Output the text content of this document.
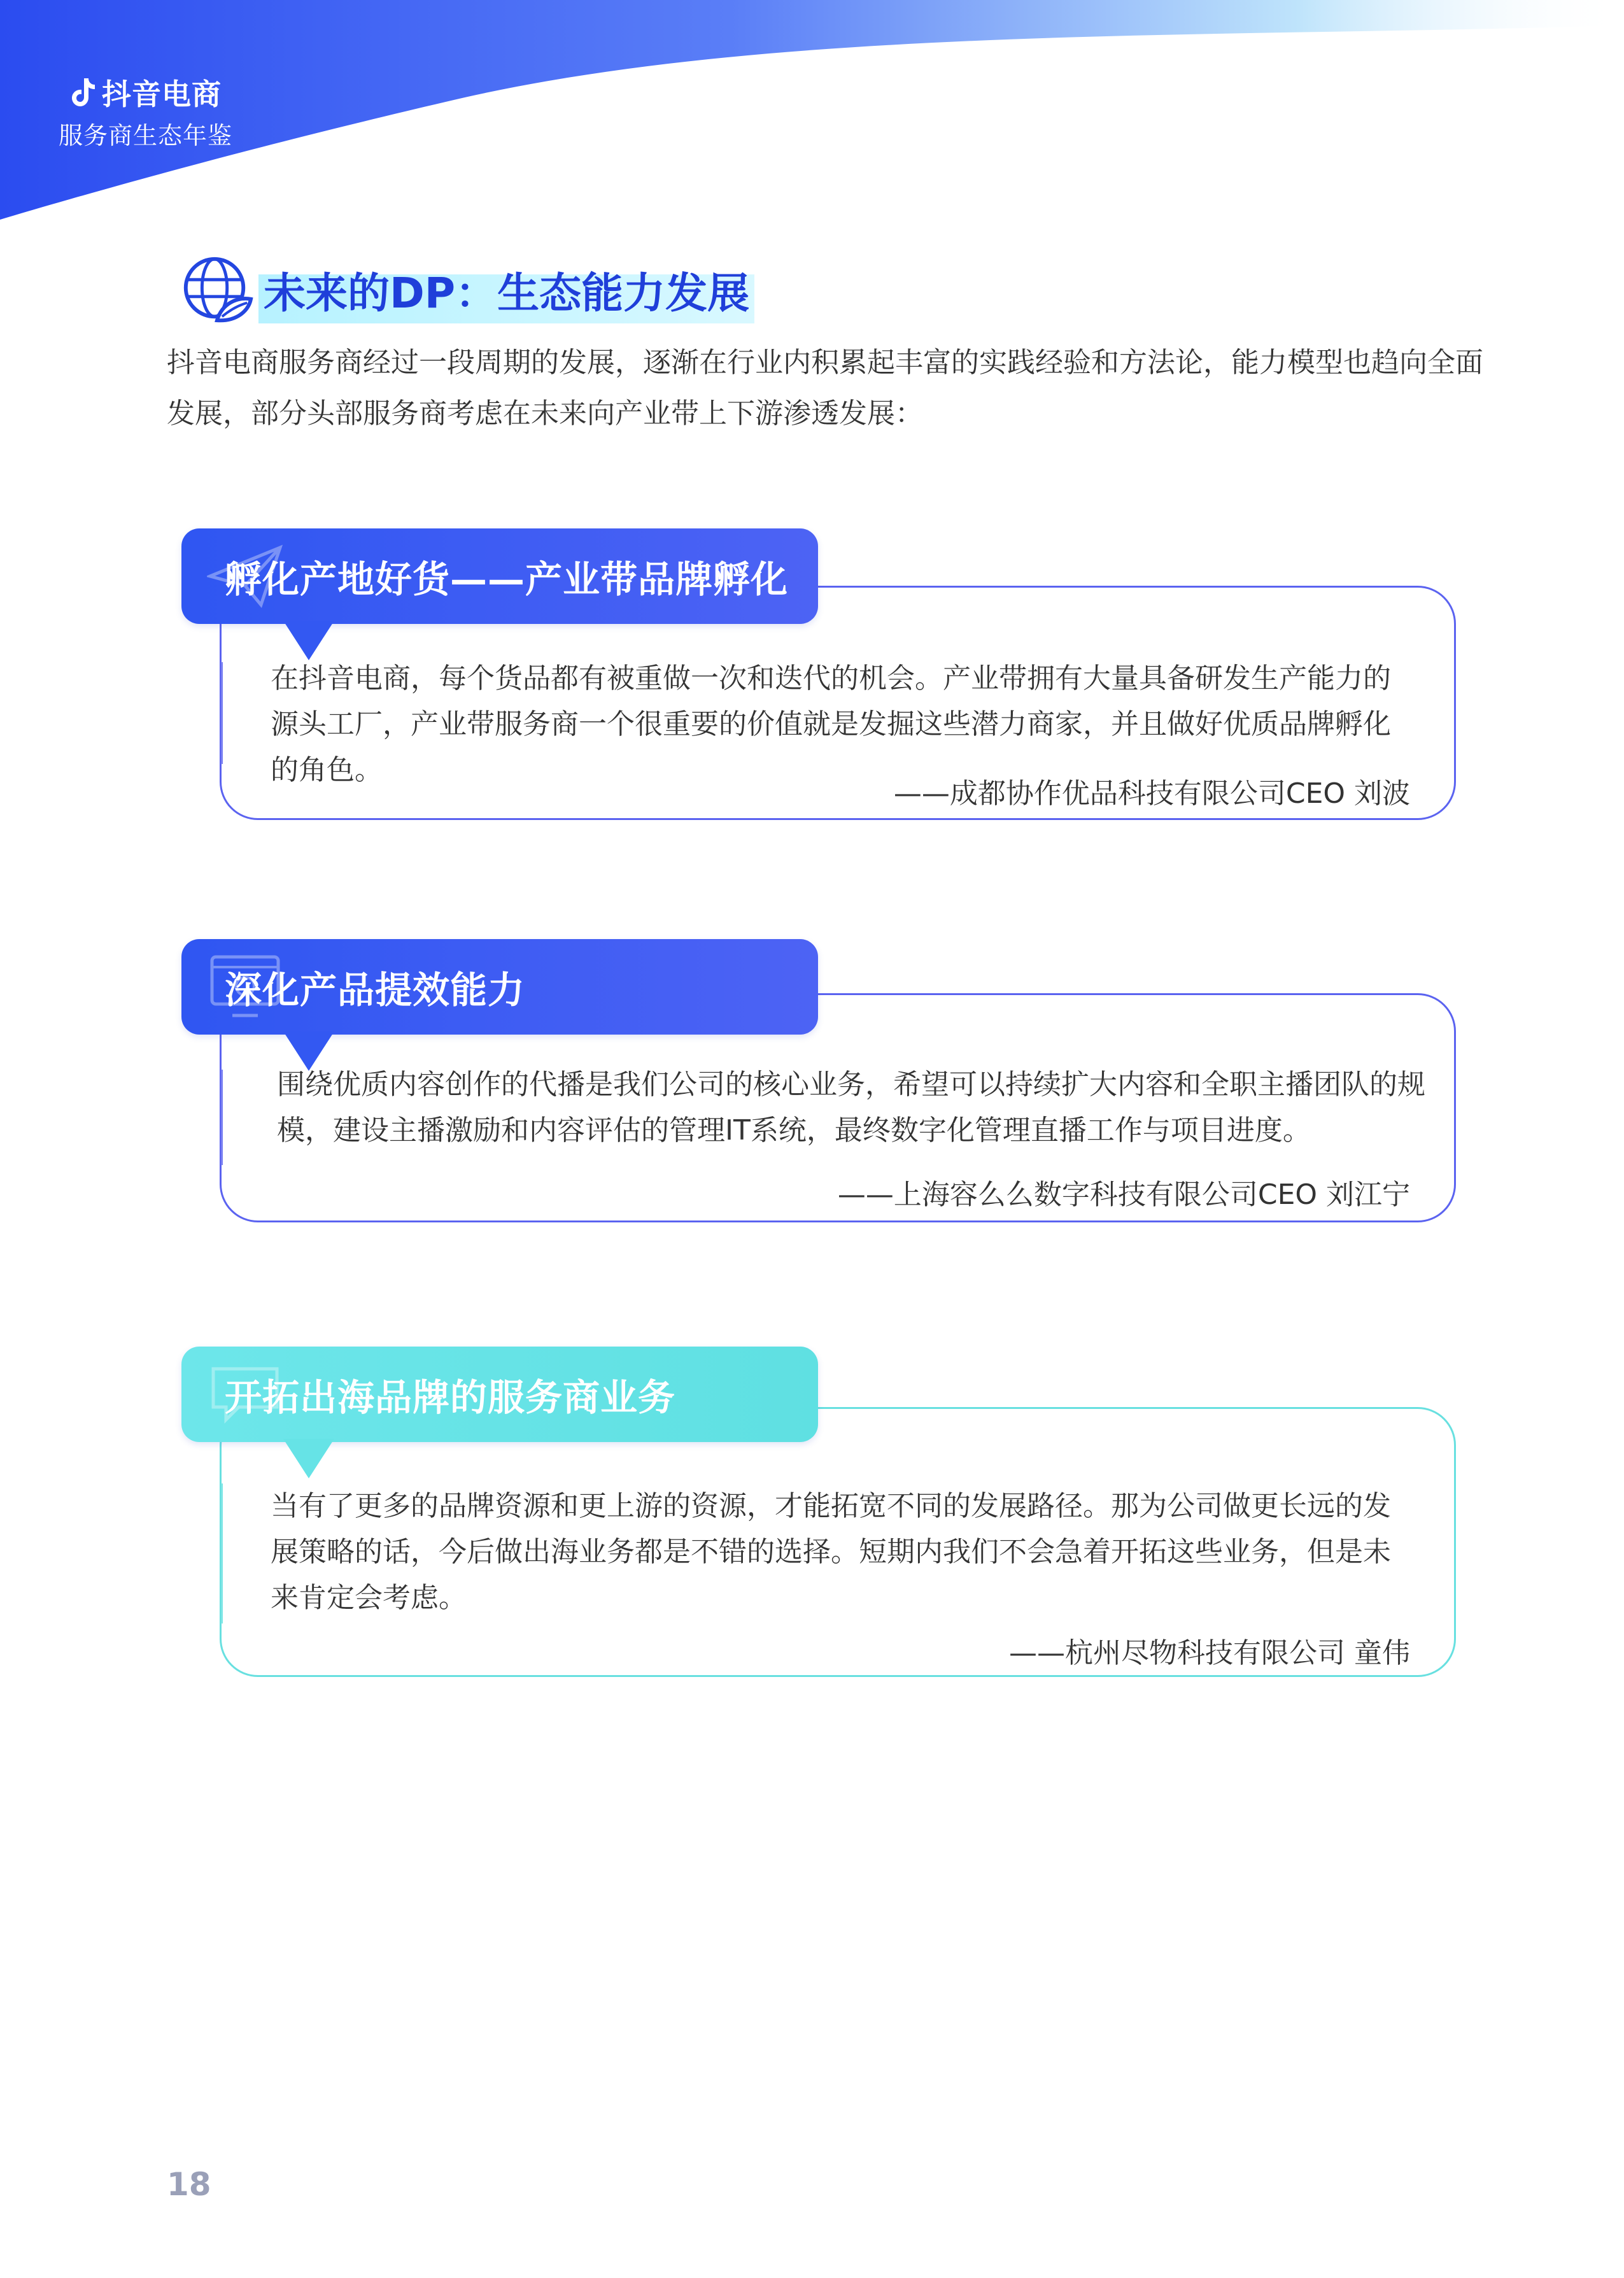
抖音电商
服务商生态年鉴
未来的DP：生态能力发展
抖音电商服务商经过一段周期的发展，逐渐在行业内积累起丰富的实践经验和方法论，能力模型也趋向全面发展，部分头部服务商考虑在未来向产业带上下游渗透发展：
在抖音电商，每个货品都有被重做一次和迭代的机会。产业带拥有大量具备研发生产能力的源头工厂，产业带服务商一个很重要的价值就是发掘这些潜力商家，并且做好优质品牌孵化的角色。
——成都协作优品科技有限公司CEO 刘波
孵化产地好货——产业带品牌孵化
围绕优质内容创作的代播是我们公司的核心业务，希望可以持续扩大内容和全职主播团队的规模，建设主播激励和内容评估的管理IT系统，最终数字化管理直播工作与项目进度。
——上海容么么数字科技有限公司CEO 刘江宁
深化产品提效能力
当有了更多的品牌资源和更上游的资源，才能拓宽不同的发展路径。那为公司做更长远的发展策略的话，今后做出海业务都是不错的选择。短期内我们不会急着开拓这些业务，但是未来肯定会考虑。
——杭州尽物科技有限公司 童伟
开拓出海品牌的服务商业务
18
